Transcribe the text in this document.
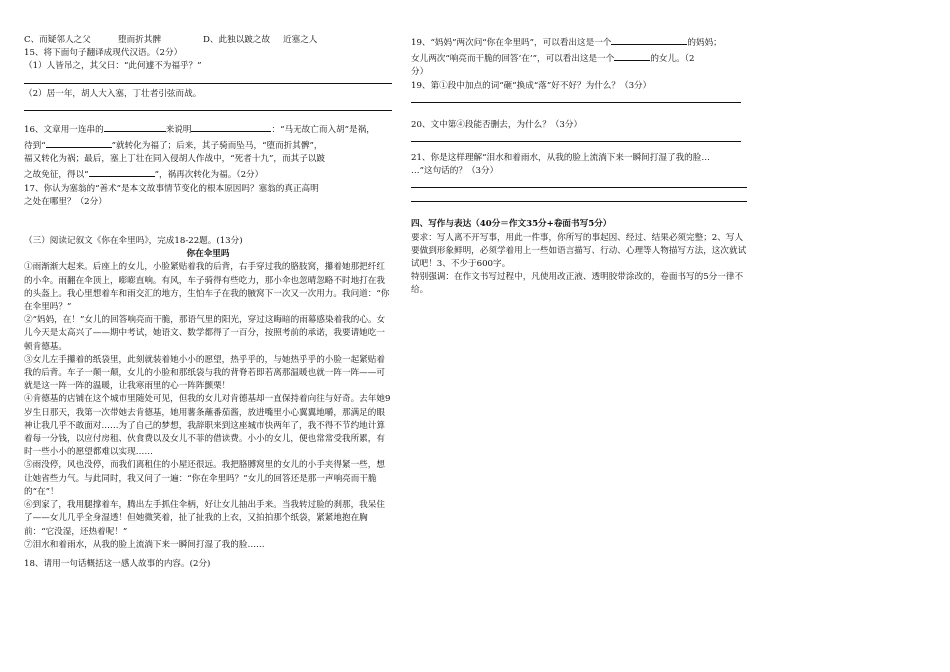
C、而疑邻人之父	堕而折其髀	D、此独以跛之故 近塞之人

15、将下面句子翻译成现代汉语。（2分）

（1）人皆吊之，其父曰：“此何遽不为福乎？”

（2）居一年，胡人大入塞，丁壮者引弦而战。

16、文章用一连串的	来说明	：“马无故亡而入胡”是祸，

待到“	”就转化为福了；后来，其子骑而坠马，“堕而折其髀”，

福又转化为祸；最后，塞上丁壮在同入侵胡人作战中，“死者十九”，而其子以跛

之故免征，得以“	”，祸再次转化为福。（2分）

17、你认为塞翁的“善术”是本文故事情节变化的根本原因吗？塞翁的真正高明

之处在哪里？（2分）

（三）阅读记叙文《你在伞里吗》，完成18-22题。(13分)

你在伞里吗

①雨渐渐大起来。后座上的女儿，小脸紧贴着我的后背，右手穿过我的胳肢窝，攥着她那把纤红的小伞。雨翻在伞顶上，嘭嘭直响。有风，车子骑得有些吃力，那小伞也忽晴忽略不时地打在我的头盔上。我心里想着车和雨交汇的地方，生怕车子在我的腋窝下一次又一次用力。我问道：“你在伞里吗？”

②“妈妈，在！”女儿的回答响亮而干脆，那语气里的阳光，穿过这晦暗的雨幕感染着我的心。女儿今天是太高兴了——期中考试，她语文、数学都得了一百分，按照考前的承诺，我要请她吃一顿肯德基。

③女儿左手攥着的纸袋里，此刻就装着她小小的愿望，热乎乎的，与她热乎乎的小脸一起紧贴着我的后背。车子一颠一颠，女儿的小脸和那纸袋与我的背脊若即若离那温暖也就一阵一阵——可就是这一阵一阵的温暖，让我寒雨里的心一阵阵颤栗！

④肯德基的店铺在这个城市里随处可见，但我的女儿对肯德基却一直保持着向往与好奇。去年她9岁生日那天，我第一次带她去肯德基，她用薯条蘸番茄酱，放进嘴里小心翼翼地嚼，那满足的眼神让我几乎不敢面对……为了自己的梦想，我辞职来到这座城市快两年了，我不得不节约地计算着每一分钱，以应付房租、伙食费以及女儿不菲的借读费。小小的女儿，便也常常受我所累，有时一些小小的愿望都难以实现……

⑤雨没停，风也没停，而我们离租住的小屋还很远。我把胳膊窝里的女儿的小手夹得紧一些，想让她省些力气。与此同时，我又问了一遍：“你在伞里吗？”女儿的回答还是那一声响亮而干脆的“在”！

⑥到家了，我用腿撑着车，腾出左手抓住伞柄，好让女儿抽出手来。当我转过脸的刹那，我呆住了——女儿几乎全身湿透！但她微笑着，扯了扯我的上衣，又拍拍那个纸袋，紧紧地抱在胸前：“它没湿，还热着呢！”

⑦泪水和着雨水，从我的脸上流淌下来一瞬间打湿了我的脸……

18、请用一句话概括这一感人故事的内容。(2分)

19、“妈妈”两次问“你在伞里吗”，可以看出这是一个	的妈妈；

女儿两次“响亮而干脆的回答‘在’”，可以看出这是一个	的女儿。（2

分）

19、第①段中加点的词“砸”换成“落”好不好？为什么？（3分）

20、文中第④段能否删去，为什么？（3分）

21、你是这样理解“泪水和着雨水，从我的脸上流淌下来一瞬间打湿了我的脸…

…”这句话的？（3分）

四、写作与表达（40分＝作文35分+卷面书写5分）

要求：写人离不开写事，用此一件事，你所写的事起因、经过、结果必须完整；2、写人要做到形象鲜明，必须学着用上一些如语言描写、行动、心理等人物描写方法，这次就试试吧！3、不少于600字。

特别强调：在作文书写过程中，凡使用改正液、透明胶带涂改的，卷面书写的5分一律不给。
